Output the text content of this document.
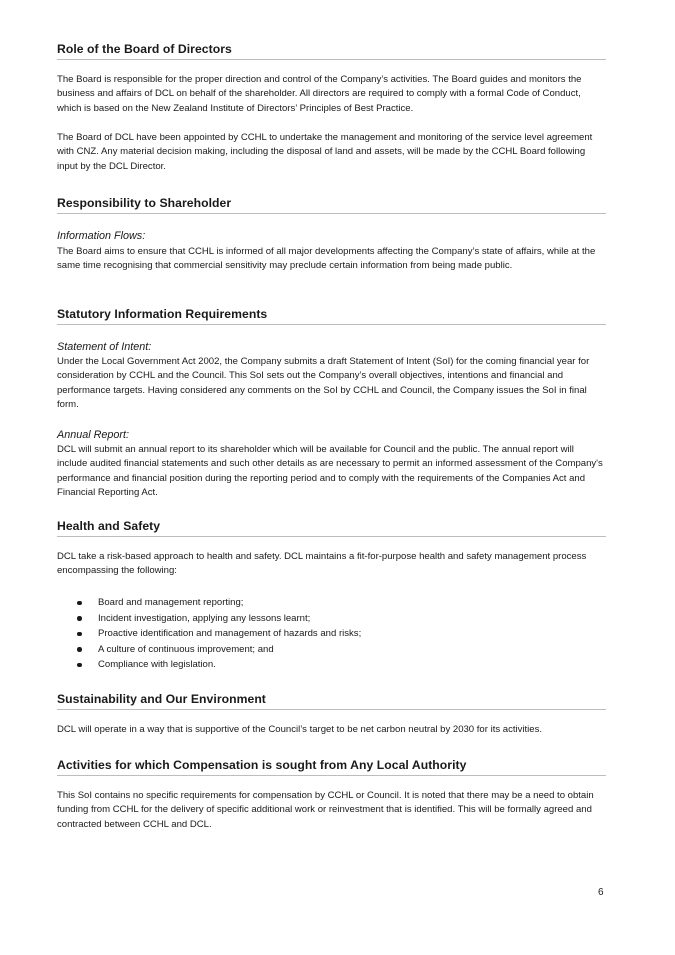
Role of the Board of Directors

The Board is responsible for the proper direction and control of the Company’s activities. The Board guides and monitors the business and affairs of DCL on behalf of the shareholder. All directors are required to comply with a formal Code of Conduct, which is based on the New Zealand Institute of Directors’ Principles of Best Practice.

The Board of DCL have been appointed by CCHL to undertake the management and monitoring of the service level agreement with CNZ. Any material decision making, including the disposal of land and assets, will be made by the CCHL Board following input by the DCL Director.

Responsibility to Shareholder
Information Flows:

The Board aims to ensure that CCHL is informed of all major developments affecting the Company’s state of affairs, while at the same time recognising that commercial sensitivity may preclude certain information from being made public.

Statutory Information Requirements
Statement of Intent:

Under the Local Government Act 2002, the Company submits a draft Statement of Intent (SoI) for the coming financial year for consideration by CCHL and the Council. This SoI sets out the Company’s overall objectives, intentions and financial and performance targets. Having considered any comments on the SoI by CCHL and Council, the Company issues the SoI in final form.

Annual Report:

DCL will submit an annual report to its shareholder which will be available for Council and the public. The annual report will include audited financial statements and such other details as are necessary to permit an informed assessment of the Company's performance and financial position during the reporting period and to comply with the requirements of the Companies Act and Financial Reporting Act.

Health and Safety

DCL take a risk-based approach to health and safety. DCL maintains a fit-for-purpose health and safety management process encompassing the following:

Board and management reporting;
Incident investigation, applying any lessons learnt;
Proactive identification and management of hazards and risks;
A culture of continuous improvement; and
Compliance with legislation.
Sustainability and Our Environment

DCL will operate in a way that is supportive of the Council’s target to be net carbon neutral by 2030 for its activities.

Activities for which Compensation is sought from Any Local Authority

This SoI contains no specific requirements for compensation by CCHL or Council. It is noted that there may be a need to obtain funding from CCHL for the delivery of specific additional work or reinvestment that is identified. This will be formally agreed and contracted between CCHL and DCL.

6
